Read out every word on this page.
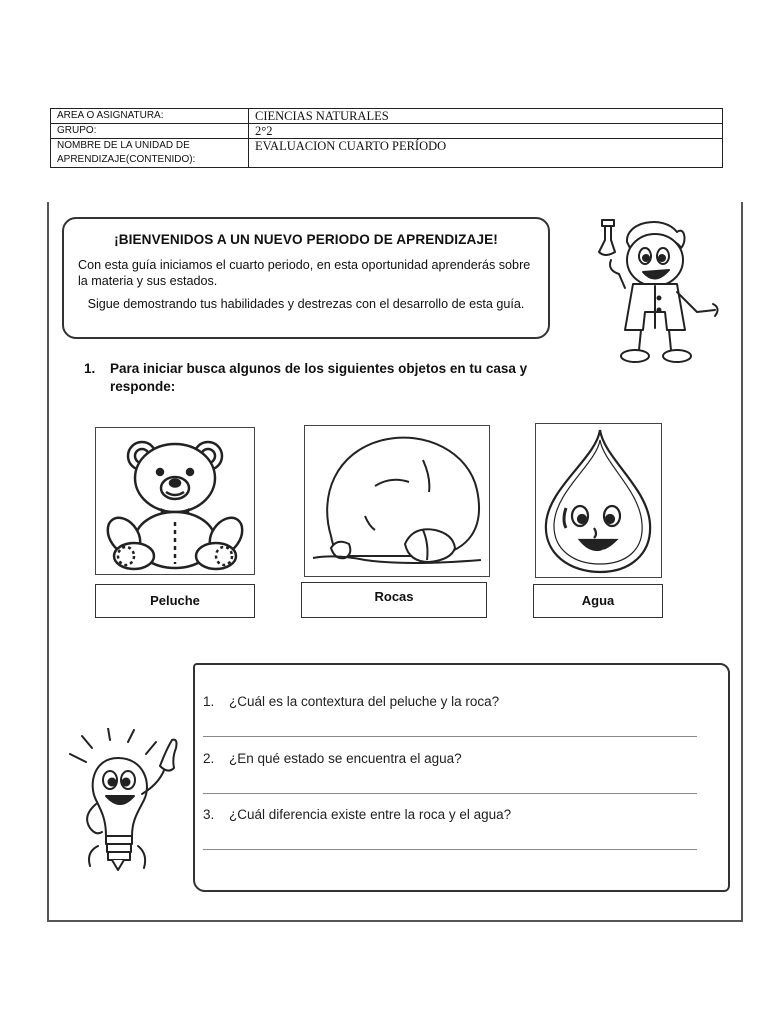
AREA O ASIGNATURA:	CIENCIAS NATURALES
GRUPO:	2°2

NOMBRE DE LA UNIDAD DE
APRENDIZAJE(CONTENIDO):	EVALUACION CUARTO PERÍODO
¡BIENVENIDOS A UN NUEVO PERIODO DE APRENDIZAJE!

Con esta guía iniciamos el cuarto periodo, en esta oportunidad aprenderás sobre la materia y sus estados.

Sigue demostrando tus habilidades y destrezas con el desarrollo de esta guía.

1.	Para iniciar busca algunos de los siguientes objetos en tu casa y responde:
Peluche	Rocas	Agua
1. ¿Cuál es la contextura del peluche y la roca?
2. ¿En qué estado se encuentra el agua?
3. ¿Cuál diferencia existe entre la roca y el agua?
